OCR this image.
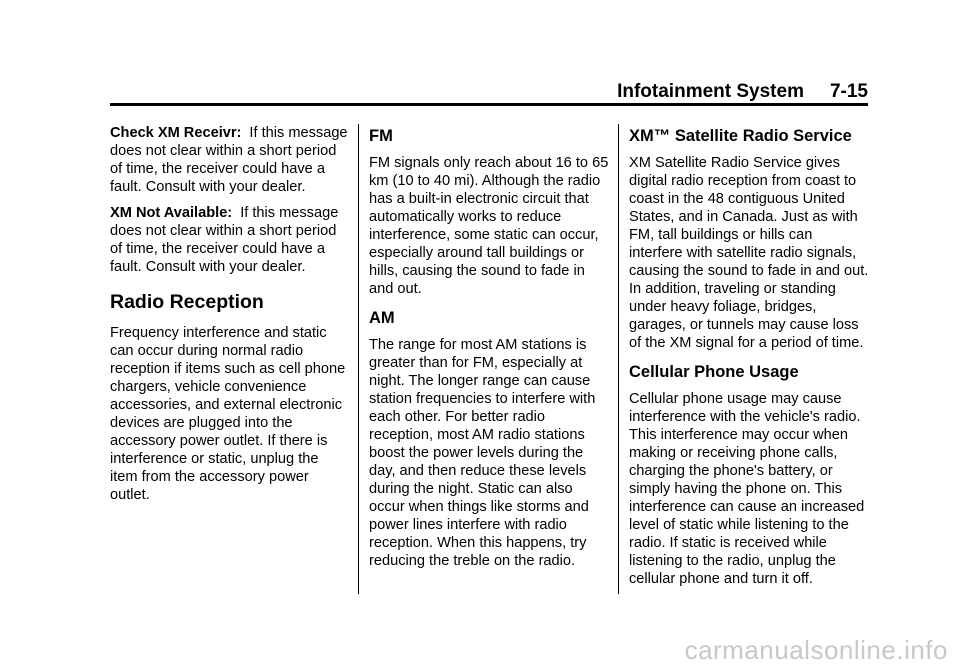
Infotainment System 7-15

Check XM Receivr: If this message does not clear within a short period of time, the receiver could have a fault. Consult with your dealer.

XM Not Available: If this message does not clear within a short period of time, the receiver could have a fault. Consult with your dealer.

Radio Reception

Frequency interference and static can occur during normal radio reception if items such as cell phone chargers, vehicle convenience accessories, and external electronic devices are plugged into the accessory power outlet. If there is interference or static, unplug the item from the accessory power outlet.

FM

FM signals only reach about 16 to 65 km (10 to 40 mi). Although the radio has a built-in electronic circuit that automatically works to reduce interference, some static can occur, especially around tall buildings or hills, causing the sound to fade in and out.

AM

The range for most AM stations is greater than for FM, especially at night. The longer range can cause station frequencies to interfere with each other. For better radio reception, most AM radio stations boost the power levels during the day, and then reduce these levels during the night. Static can also occur when things like storms and power lines interfere with radio reception. When this happens, try reducing the treble on the radio.

XM™ Satellite Radio Service

XM Satellite Radio Service gives digital radio reception from coast to coast in the 48 contiguous United States, and in Canada. Just as with FM, tall buildings or hills can interfere with satellite radio signals, causing the sound to fade in and out. In addition, traveling or standing under heavy foliage, bridges, garages, or tunnels may cause loss of the XM signal for a period of time.

Cellular Phone Usage

Cellular phone usage may cause interference with the vehicle's radio. This interference may occur when making or receiving phone calls, charging the phone's battery, or simply having the phone on. This interference can cause an increased level of static while listening to the radio. If static is received while listening to the radio, unplug the cellular phone and turn it off.

carmanualsonline.info
